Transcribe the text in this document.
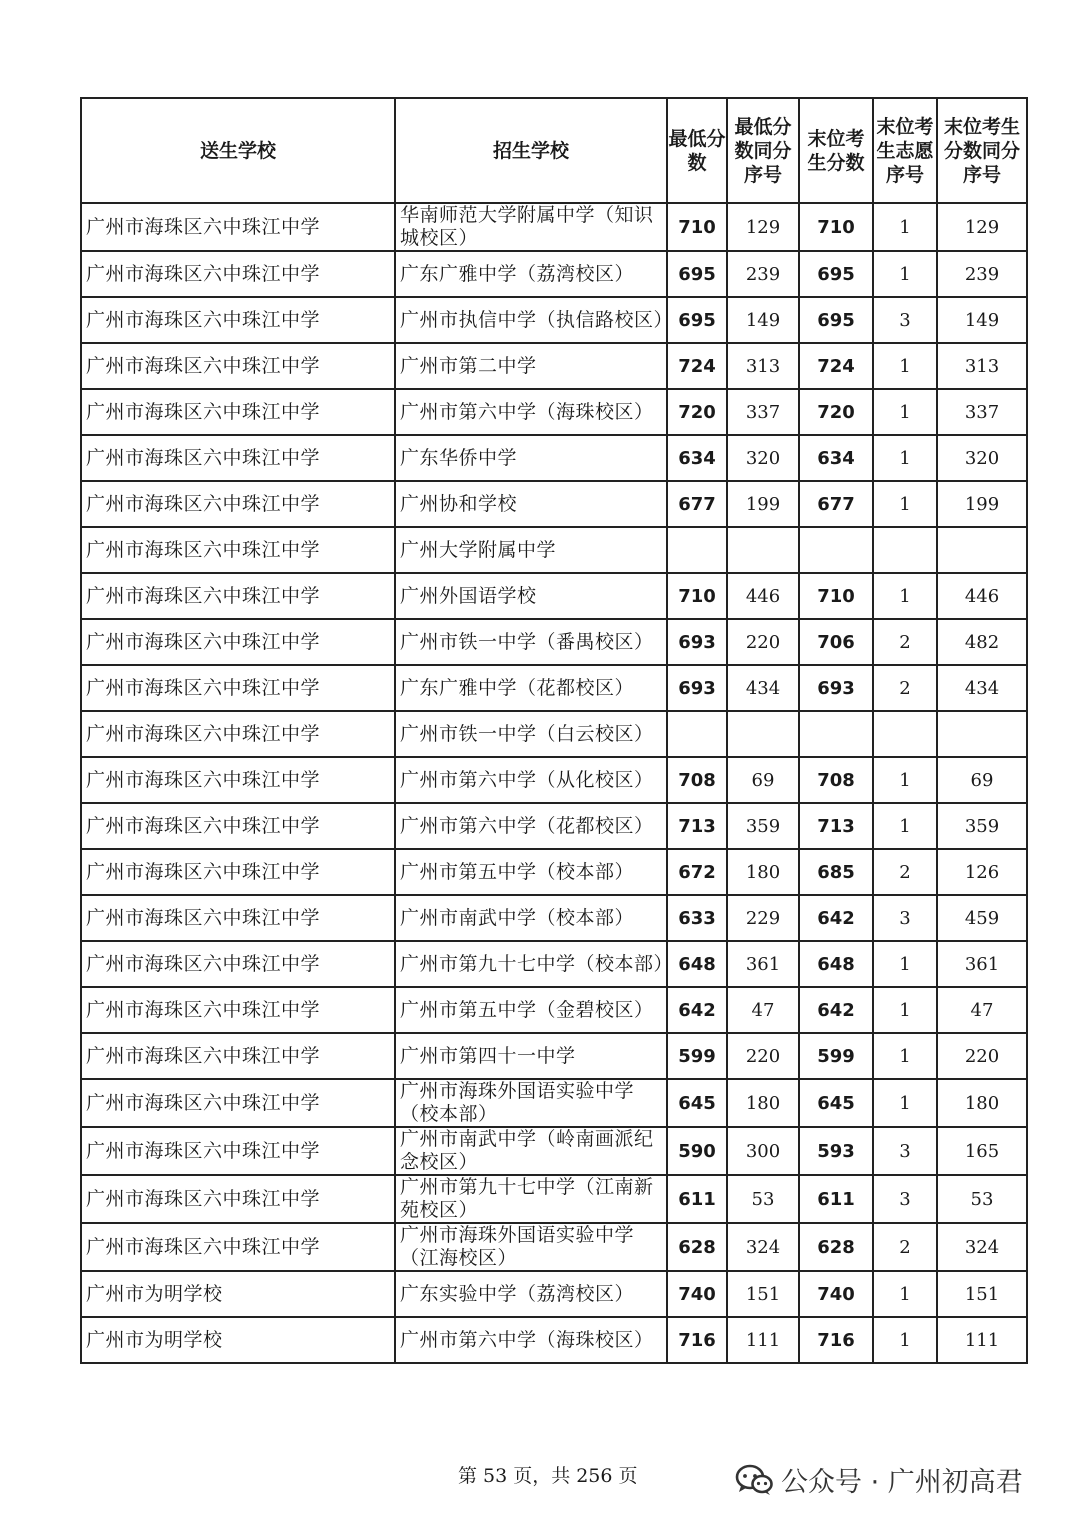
送生学校	招生学校	最低分数	最低分数同分序号	末位考生分数	末位考生志愿序号	末位考生分数同分序号
广州市海珠区六中珠江中学	华南师范大学附属中学（知识城校区）	710	129	710	1	129
广州市海珠区六中珠江中学	广东广雅中学（荔湾校区）	695	239	695	1	239
广州市海珠区六中珠江中学	广州市执信中学（执信路校区）	695	149	695	3	149
广州市海珠区六中珠江中学	广州市第二中学	724	313	724	1	313
广州市海珠区六中珠江中学	广州市第六中学（海珠校区）	720	337	720	1	337
广州市海珠区六中珠江中学	广东华侨中学	634	320	634	1	320
广州市海珠区六中珠江中学	广州协和学校	677	199	677	1	199
广州市海珠区六中珠江中学	广州大学附属中学					
广州市海珠区六中珠江中学	广州外国语学校	710	446	710	1	446
广州市海珠区六中珠江中学	广州市铁一中学（番禺校区）	693	220	706	2	482
广州市海珠区六中珠江中学	广东广雅中学（花都校区）	693	434	693	2	434
广州市海珠区六中珠江中学	广州市铁一中学（白云校区）					
广州市海珠区六中珠江中学	广州市第六中学（从化校区）	708	69	708	1	69
广州市海珠区六中珠江中学	广州市第六中学（花都校区）	713	359	713	1	359
广州市海珠区六中珠江中学	广州市第五中学（校本部）	672	180	685	2	126
广州市海珠区六中珠江中学	广州市南武中学（校本部）	633	229	642	3	459
广州市海珠区六中珠江中学	广州市第九十七中学（校本部）	648	361	648	1	361
广州市海珠区六中珠江中学	广州市第五中学（金碧校区）	642	47	642	1	47
广州市海珠区六中珠江中学	广州市第四十一中学	599	220	599	1	220
广州市海珠区六中珠江中学	广州市海珠外国语实验中学（校本部）	645	180	645	1	180
广州市海珠区六中珠江中学	广州市南武中学（岭南画派纪念校区）	590	300	593	3	165
广州市海珠区六中珠江中学	广州市第九十七中学（江南新苑校区）	611	53	611	3	53
广州市海珠区六中珠江中学	广州市海珠外国语实验中学（江海校区）	628	324	628	2	324
广州市为明学校	广东实验中学（荔湾校区）	740	151	740	1	151
广州市为明学校	广州市第六中学（海珠校区）	716	111	716	1	111
第 53 页，共 256 页	公众号 · 广州初高君
